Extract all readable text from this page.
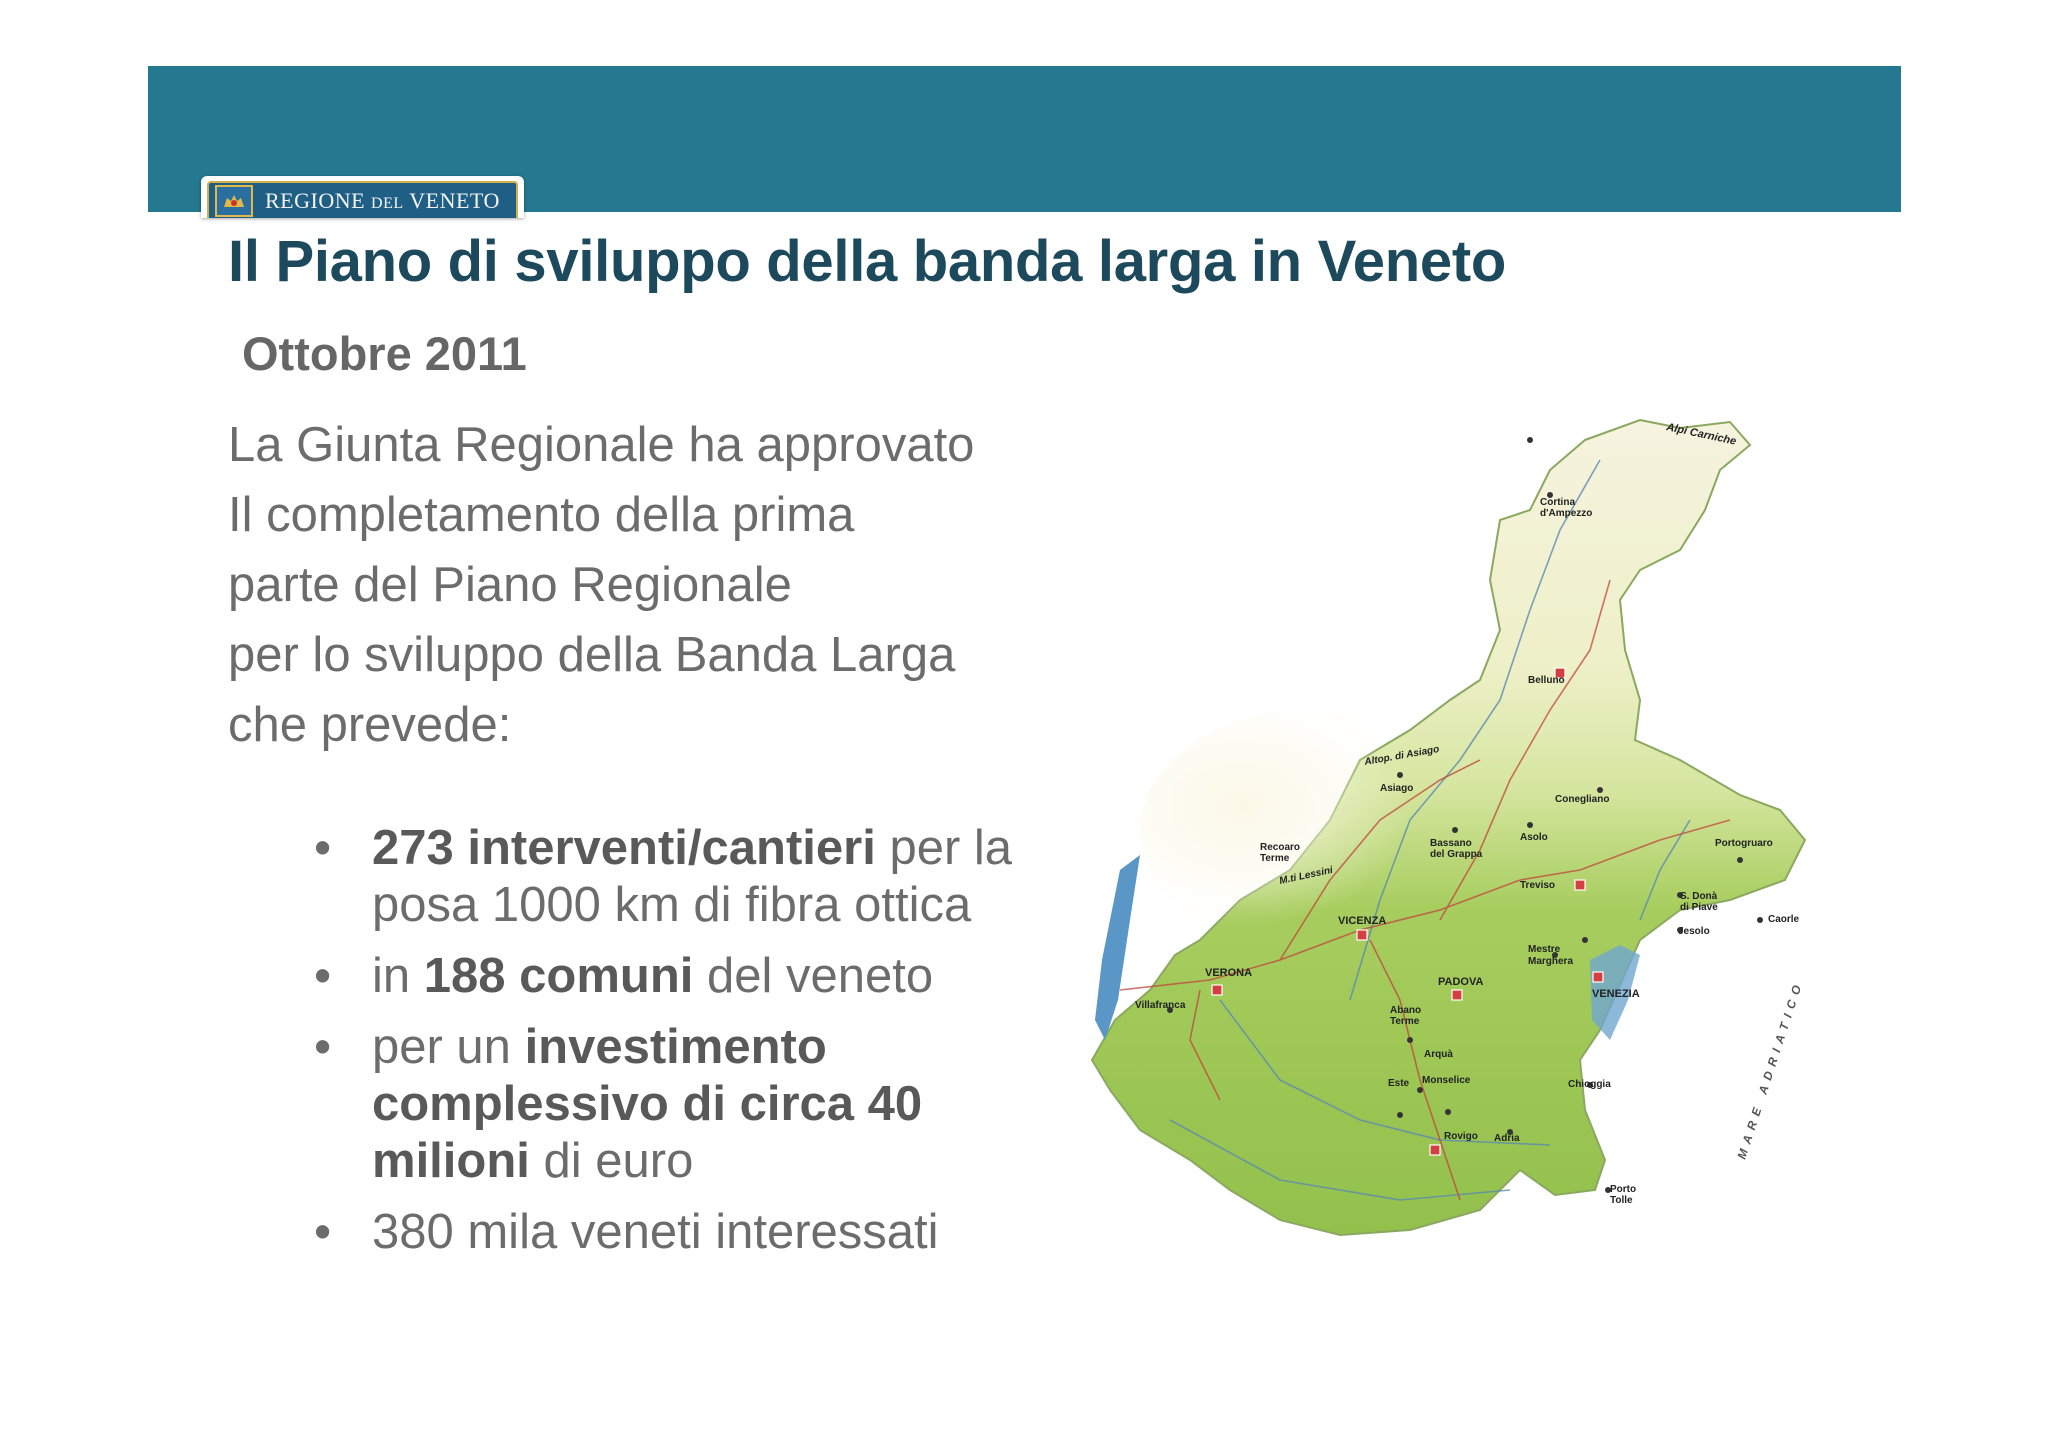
REGIONE DEL VENETO
Il Piano di sviluppo della banda larga in Veneto
Ottobre 2011
La Giunta Regionale ha approvato
Il completamento della prima
parte del Piano Regionale
per lo sviluppo della Banda Larga
che prevede:
• 273 interventi/cantieri per la posa 1000 km di fibra ottica
• in 188 comuni del veneto
• per un investimento complessivo di circa 40 milioni di euro
• 380 mila veneti interessati
Belluno
Cortina
d'Ampezzo
Asiago
Conegliano
Bassano
del Grappa
Asolo
Treviso
Portogruaro
S. Donà
di Piave
Caorle
Jesolo
VICENZA
Mestre
Marghera
VENEZIA
VERONA
Villafranca
PADOVA
Abano
Terme
Arquà
Este Monselice	Chioggia
Rovigo Adria
Porto
Tolle
Alpi Carniche
M.ti Lessini
Recoaro
Terme
Altop. di Asiago
MARE ADRIATICO
